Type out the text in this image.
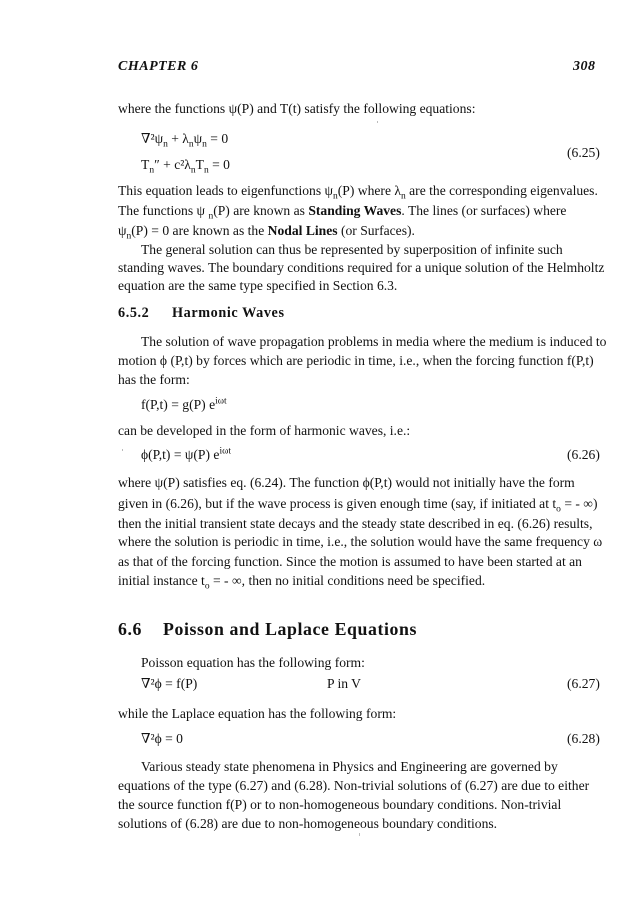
CHAPTER 6	308
where the functions ψ(P) and T(t) satisfy the following equations:
$\nabla^2\psi_n + \lambda_n\psi_n = 0$
$T_n'' + c^2\lambda_nT_n = 0$
(6.25)
This equation leads to eigenfunctions $\psi_n(P)$ where $\lambda_n$ are the corresponding eigenvalues.
The functions ψ $_n$(P) are known as Standing Waves. The lines (or surfaces) where
$\psi_n(P) = 0$ are known as the Nodal Lines (or Surfaces).
The general solution can thus be represented by superposition of infinite such
standing waves. The boundary conditions required for a unique solution of the Helmholtz
equation are the same type specified in Section 6.3.
6.5.2 Harmonic Waves
The solution of wave propagation problems in media where the medium is induced to
motion ϕ (P,t) by forces which are periodic in time, i.e., when the forcing function f(P,t)
has the form:
f(P,t) = g(P) $e^{i\omega t}$
can be developed in the form of harmonic waves, i.e.:
ϕ(P,t) = ψ(P) $e^{i\omega t}$	(6.26)
where ψ(P) satisfies eq. (6.24). The function ϕ(P,t) would not initially have the form
given in (6.26), but if the wave process is given enough time (say, if initiated at $t_o$ = - ∞)
then the initial transient state decays and the steady state described in eq. (6.26) results,
where the solution is periodic in time, i.e., the solution would have the same frequency ω
as that of the forcing function. Since the motion is assumed to have been started at an
initial instance $t_o$ = - ∞, then no initial conditions need be specified.
6.6 Poisson and Laplace Equations
Poisson equation has the following form:
∇²ϕ = f(P)	P in V	(6.27)
while the Laplace equation has the following form:
∇²ϕ = 0	(6.28)
Various steady state phenomena in Physics and Engineering are governed by
equations of the type (6.27) and (6.28). Non-trivial solutions of (6.27) are due to either
the source function f(P) or to non-homogeneous boundary conditions. Non-trivial
solutions of (6.28) are due to non-homogeneous boundary conditions.
